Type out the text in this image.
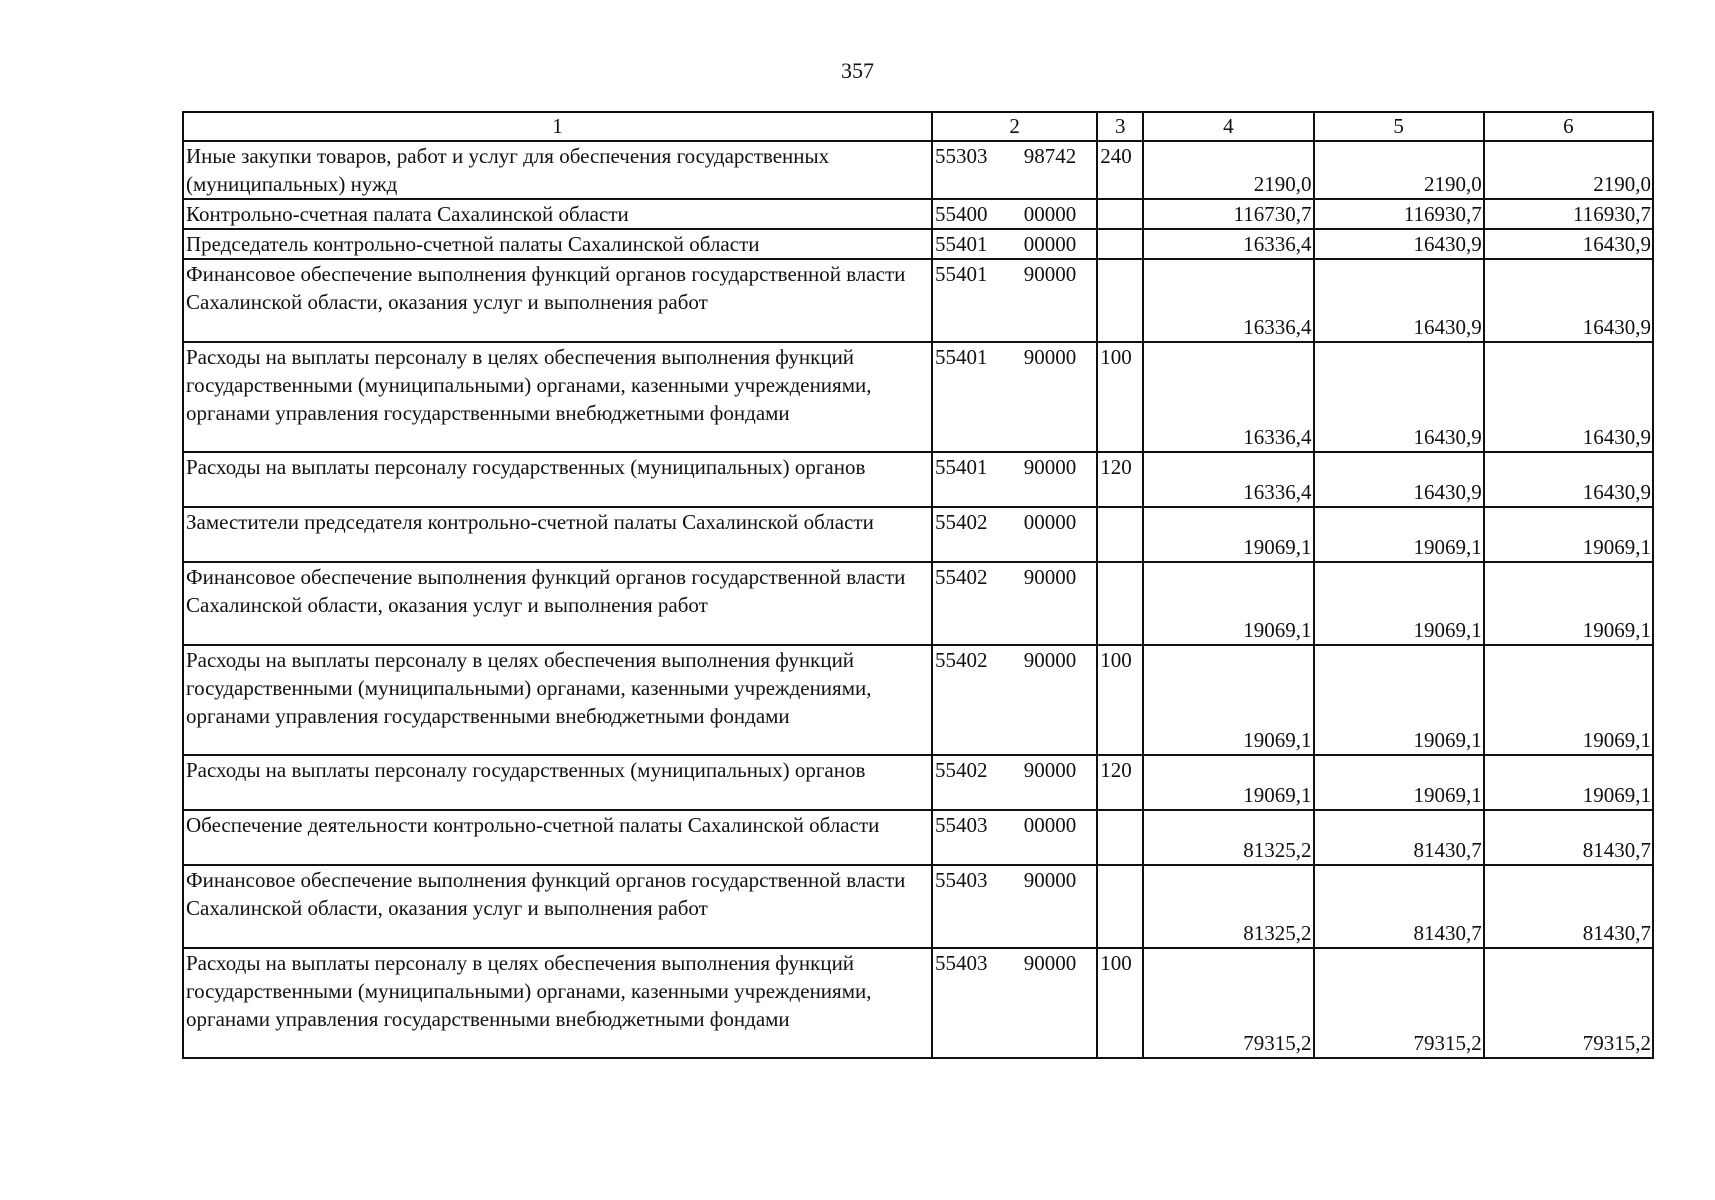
357
1	2	3	4	5	6
Иные закупки товаров, работ и услуг для обеспечения государственных (муниципальных) нужд	55303 98742	240	2190,0	2190,0	2190,0
Контрольно-счетная палата Сахалинской области	55400 00000		116730,7	116930,7	116930,7
Председатель контрольно-счетной палаты Сахалинской области	55401 00000		16336,4	16430,9	16430,9
Финансовое обеспечение выполнения функций органов государственной власти Сахалинской области, оказания услуг и выполнения работ	55401 90000		16336,4	16430,9	16430,9
Расходы на выплаты персоналу в целях обеспечения выполнения функций государственными (муниципальными) органами, казенными учреждениями, органами управления государственными внебюджетными фондами	55401 90000	100	16336,4	16430,9	16430,9
Расходы на выплаты персоналу государственных (муниципальных) органов	55401 90000	120	16336,4	16430,9	16430,9
Заместители председателя контрольно-счетной палаты Сахалинской области	55402 00000		19069,1	19069,1	19069,1
Финансовое обеспечение выполнения функций органов государственной власти Сахалинской области, оказания услуг и выполнения работ	55402 90000		19069,1	19069,1	19069,1
Расходы на выплаты персоналу в целях обеспечения выполнения функций государственными (муниципальными) органами, казенными учреждениями, органами управления государственными внебюджетными фондами	55402 90000	100	19069,1	19069,1	19069,1
Расходы на выплаты персоналу государственных (муниципальных) органов	55402 90000	120	19069,1	19069,1	19069,1
Обеспечение деятельности контрольно-счетной палаты Сахалинской области	55403 00000		81325,2	81430,7	81430,7
Финансовое обеспечение выполнения функций органов государственной власти Сахалинской области, оказания услуг и выполнения работ	55403 90000		81325,2	81430,7	81430,7
Расходы на выплаты персоналу в целях обеспечения выполнения функций государственными (муниципальными) органами, казенными учреждениями, органами управления государственными внебюджетными фондами	55403 90000	100	79315,2	79315,2	79315,2
